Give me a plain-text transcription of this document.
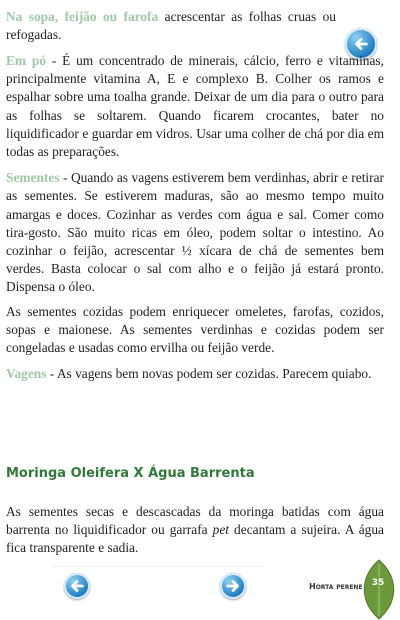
Na sopa, feijão ou farofa acrescentar as folhas cruas ou refogadas.

Em pó - É um concentrado de minerais, cálcio, ferro e vitaminas, principalmente vitamina A, E e complexo B. Colher os ramos e espalhar sobre uma toalha grande. Deixar de um dia para o outro para as folhas se soltarem. Quando ficarem crocantes, bater no liquidificador e guardar em vidros. Usar uma colher de chá por dia em todas as preparações.

Sementes - Quando as vagens estiverem bem verdinhas, abrir e retirar as sementes. Se estiverem maduras, são ao mesmo tempo muito amargas e doces. Cozinhar as verdes com água e sal. Comer como tira-gosto. São muito ricas em óleo, podem soltar o intestino. Ao cozinhar o feijão, acrescentar ½ xícara de chá de sementes bem verdes. Basta colocar o sal com alho e o feijão já estará pronto. Dispensa o óleo.

As sementes cozidas podem enriquecer omeletes, farofas, cozidos, sopas e maionese. As sementes verdinhas e cozidas podem ser congeladas e usadas como ervilha ou feijão verde.

Vagens - As vagens bem novas podem ser cozidas. Parecem quiabo.

Moringa Oleifera X Água Barrenta

As sementes secas e descascadas da moringa batidas com água barrenta no liquidificador ou garrafa pet decantam a sujeira. A água fica transparente e sadia.

Horta perene	35
